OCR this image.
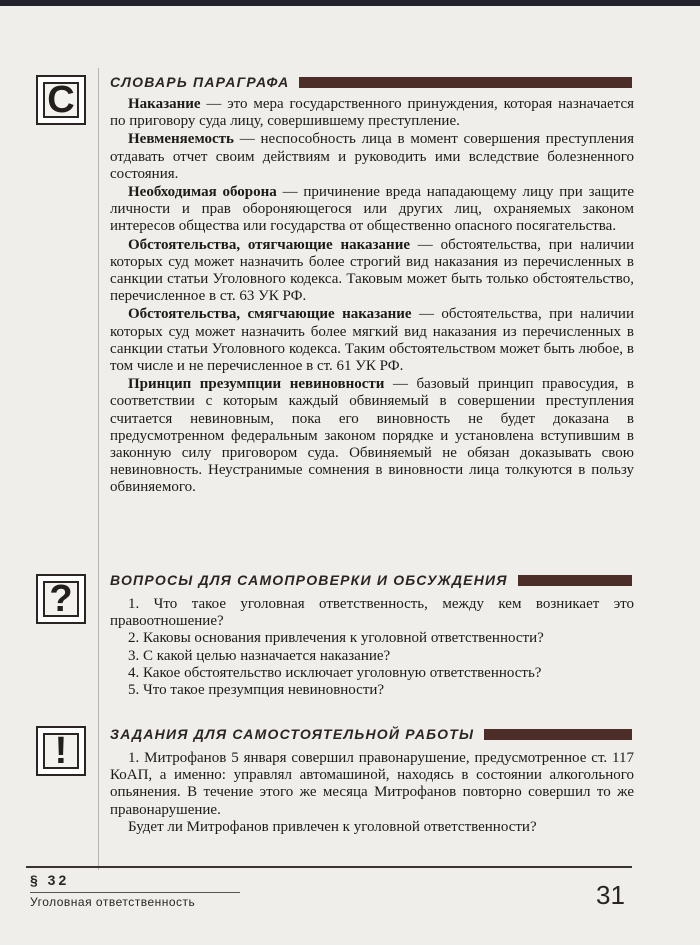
С	СЛОВАРЬ ПАРАГРАФА

Наказание — это мера государственного принуждения, которая назначается по приговору суда лицу, совершившему преступление.

Невменяемость — неспособность лица в момент совершения преступления отдавать отчет своим действиям и руководить ими вследствие болезненного состояния.

Необходимая оборона — причинение вреда нападающему лицу при защите личности и прав обороняющегося или других лиц, охраняемых законом интересов общества или государства от общественно опасного посягательства.

Обстоятельства, отягчающие наказание — обстоятельства, при наличии которых суд может назначить более строгий вид наказания из перечисленных в санкции статьи Уголовного кодекса. Таковым может быть только обстоятельство, перечисленное в ст. 63 УК РФ.

Обстоятельства, смягчающие наказание — обстоятельства, при наличии которых суд может назначить более мягкий вид наказания из перечисленных в санкции статьи Уголовного кодекса. Таким обстоятельством может быть любое, в том числе и не перечисленное в ст. 61 УК РФ.

Принцип презумпции невиновности — базовый принцип правосудия, в соответствии с которым каждый обвиняемый в совершении преступления считается невиновным, пока его виновность не будет доказана в предусмотренном федеральным законом порядке и установлена вступившим в законную силу приговором суда. Обвиняемый не обязан доказывать свою невиновность. Неустранимые сомнения в виновности лица толкуются в пользу обвиняемого.

?	ВОПРОСЫ ДЛЯ САМОПРОВЕРКИ И ОБСУЖДЕНИЯ

1. Что такое уголовная ответственность, между кем возникает это правоотношение?

2. Каковы основания привлечения к уголовной ответственности?

3. С какой целью назначается наказание?

4. Какое обстоятельство исключает уголовную ответственность?

5. Что такое презумпция невиновности?

!	ЗАДАНИЯ ДЛЯ САМОСТОЯТЕЛЬНОЙ РАБОТЫ

1. Митрофанов 5 января совершил правонарушение, предусмотренное ст. 117 КоАП, а именно: управлял автомашиной, находясь в состоянии алкогольного опьянения. В течение этого же месяца Митрофанов повторно совершил то же правонарушение.

Будет ли Митрофанов привлечен к уголовной ответственности?

§ 32
Уголовная ответственность	31
